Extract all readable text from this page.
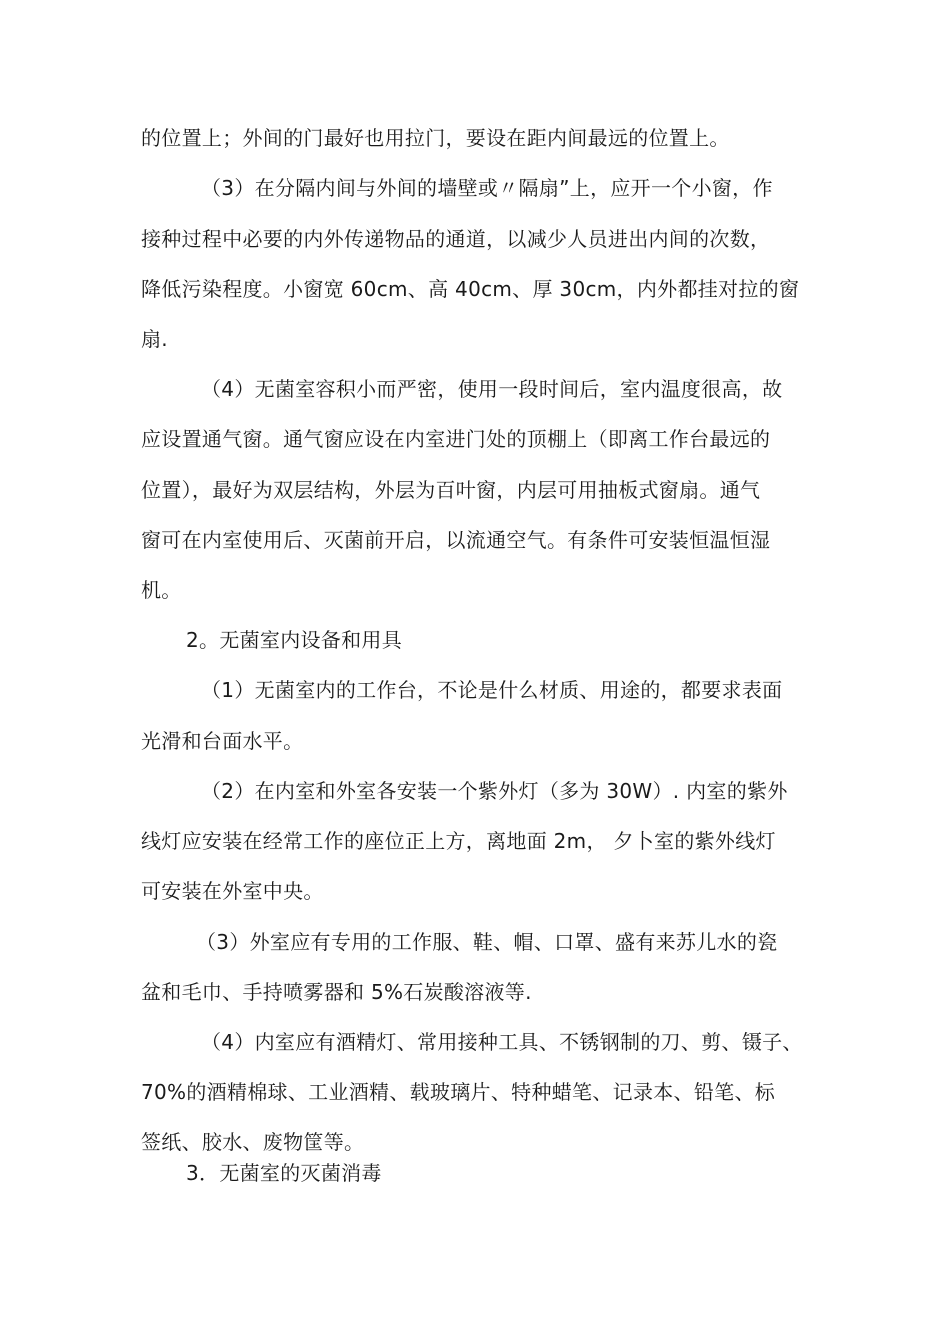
的位置上；外间的门最好也用拉门，要设在距内间最远的位置上。
（3）在分隔内间与外间的墙壁或〃隔扇”上，应开一个小窗，作
接种过程中必要的内外传递物品的通道，以减少人员进出内间的次数，
降低污染程度。小窗宽 60cm、高 40cm、厚 30cm，内外都挂对拉的窗
扇.
（4）无菌室容积小而严密，使用一段时间后，室内温度很高，故
应设置通气窗。通气窗应设在内室进门处的顶棚上（即离工作台最远的
位置），最好为双层结构，外层为百叶窗，内层可用抽板式窗扇。通气
窗可在内室使用后、灭菌前开启，以流通空气。有条件可安装恒温恒湿
机。
2。无菌室内设备和用具
（1）无菌室内的工作台，不论是什么材质、用途的，都要求表面
光滑和台面水平。
（2）在内室和外室各安装一个紫外灯（多为 30W）. 内室的紫外
线灯应安装在经常工作的座位正上方，离地面 2m， 夕卜室的紫外线灯
可安装在外室中央。
（3）外室应有专用的工作服、鞋、帽、口罩、盛有来苏儿水的瓷
盆和毛巾、手持喷雾器和 5%石炭酸溶液等.
（4）内室应有酒精灯、常用接种工具、不锈钢制的刀、剪、镊子、
70%的酒精棉球、工业酒精、载玻璃片、特种蜡笔、记录本、铅笔、标
签纸、胶水、废物筐等。
3．无菌室的灭菌消毒
